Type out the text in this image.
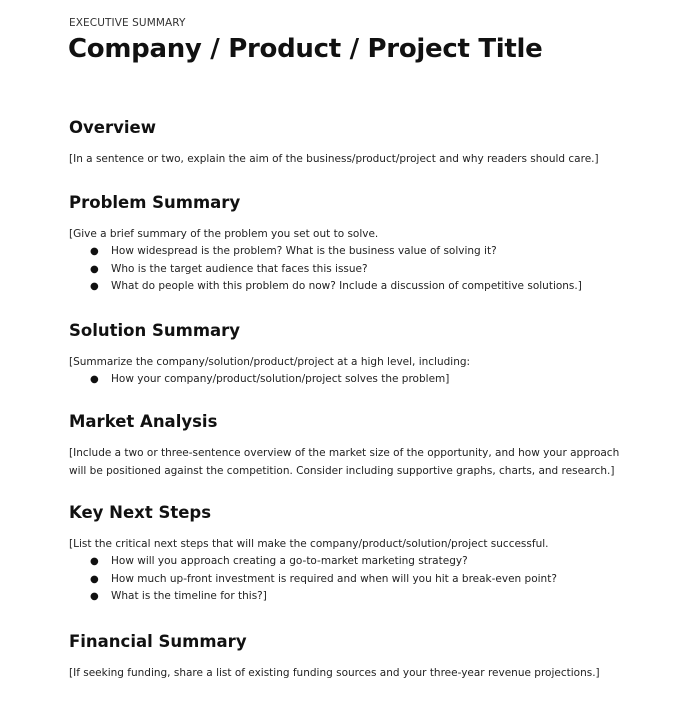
EXECUTIVE SUMMARY
Company / Product / Project Title
Overview

[In a sentence or two, explain the aim of the business/product/project and why readers should care.]

Problem Summary

[Give a brief summary of the problem you set out to solve.

● How widespread is the problem? What is the business value of solving it?
● Who is the target audience that faces this issue?
● What do people with this problem do now? Include a discussion of competitive solutions.]
Solution Summary

[Summarize the company/solution/product/project at a high level, including:

● How your company/product/solution/project solves the problem]
Market Analysis

[Include a two or three-sentence overview of the market size of the opportunity, and how your approach

will be positioned against the competition. Consider including supportive graphs, charts, and research.]

Key Next Steps

[List the critical next steps that will make the company/product/solution/project successful.

● How will you approach creating a go-to-market marketing strategy?
● How much up-front investment is required and when will you hit a break-even point?
● What is the timeline for this?]
Financial Summary

[If seeking funding, share a list of existing funding sources and your three-year revenue projections.]
